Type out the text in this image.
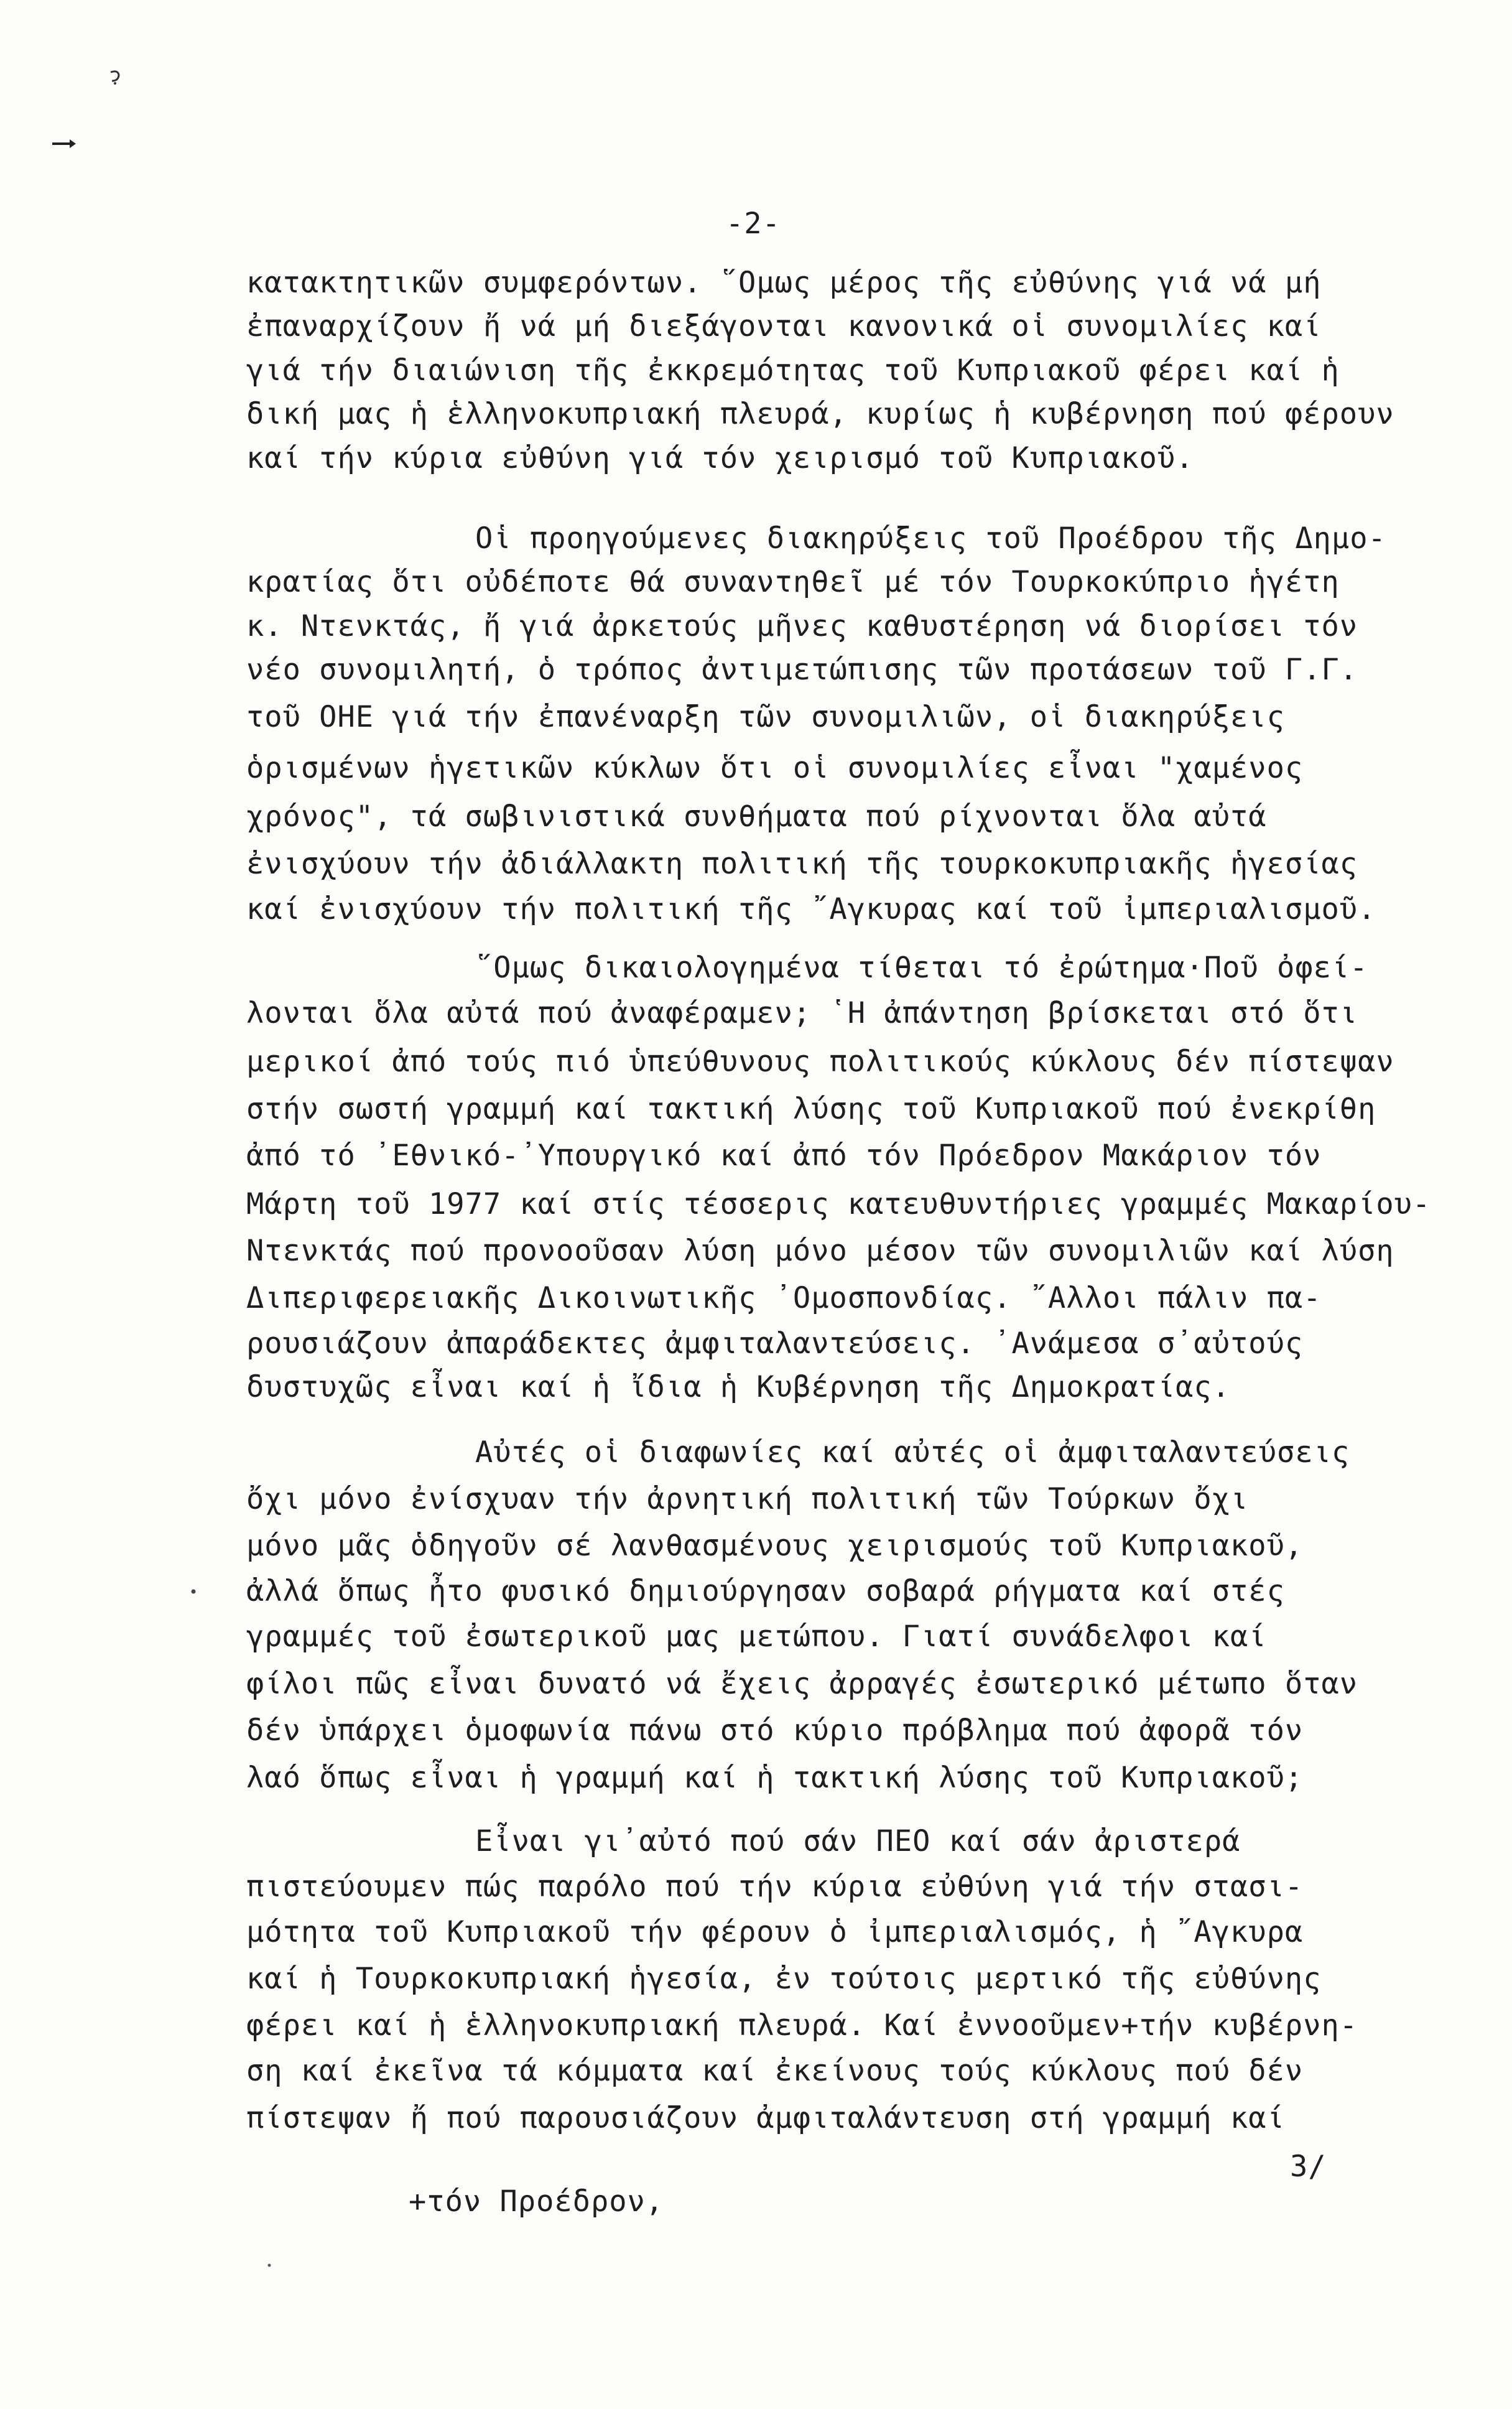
-2-
κατακτητικῶν συμφερόντων. ῞Ομως μέρος τῆς εὐθύνης γιά νά μή
ἐπαναρχίζουν ἤ νά μή διεξάγονται κανονικά οἱ συνομιλίες καί
γιά τήν διαιώνιση τῆς ἐκκρεμότητας τοῦ Κυπριακοῦ φέρει καί ἡ
δική μας ἡ ἑλληνοκυπριακή πλευρά, κυρίως ἡ κυβέρνηση πού φέρουν
καί τήν κύρια εὐθύνη γιά τόν χειρισμό τοῦ Κυπριακοῦ.
Οἱ προηγούμενες διακηρύξεις τοῦ Προέδρου τῆς Δημο-
κρατίας ὅτι οὐδέποτε θά συναντηθεῖ μέ τόν Τουρκοκύπριο ἡγέτη
κ. Ντενκτάς, ἤ γιά ἀρκετούς μῆνες καθυστέρηση νά διορίσει τόν
νέο συνομιλητή, ὁ τρόπος ἀντιμετώπισης τῶν προτάσεων τοῦ Γ.Γ.
τοῦ ΟΗΕ γιά τήν ἐπανέναρξη τῶν συνομιλιῶν, οἱ διακηρύξεις
ὁρισμένων ἡγετικῶν κύκλων ὅτι οἱ συνομιλίες εἶναι "χαμένος
χρόνος", τά σωβινιστικά συνθήματα πού ρίχνονται ὅλα αὐτά
ἐνισχύουν τήν ἀδιάλλακτη πολιτική τῆς τουρκοκυπριακῆς ἡγεσίας
καί ἐνισχύουν τήν πολιτική τῆς ῎Αγκυρας καί τοῦ ἰμπεριαλισμοῦ.
῞Ομως δικαιολογημένα τίθεται τό ἐρώτημα·Ποῦ ὀφεί-
λονται ὅλα αὐτά πού ἀναφέραμεν; ῾Η ἀπάντηση βρίσκεται στό ὅτι
μερικοί ἀπό τούς πιό ὑπεύθυνους πολιτικούς κύκλους δέν πίστεψαν
στήν σωστή γραμμή καί τακτική λύσης τοῦ Κυπριακοῦ πού ἐνεκρίθη
ἀπό τό ᾽Εθνικό-᾽Υπουργικό καί ἀπό τόν Πρόεδρον Μακάριον τόν
Μάρτη τοῦ 1977 καί στίς τέσσερις κατευθυντήριες γραμμές Μακαρίου-
Ντενκτάς πού προνοοῦσαν λύση μόνο μέσον τῶν συνομιλιῶν καί λύση
Διπεριφερειακῆς Δικοινωτικῆς ᾽Ομοσπονδίας. ῎Αλλοι πάλιν πα-
ρουσιάζουν ἀπαράδεκτες ἀμφιταλαντεύσεις. ᾽Ανάμεσα σ᾽αὐτούς
δυστυχῶς εἶναι καί ἡ ἴδια ἡ Κυβέρνηση τῆς Δημοκρατίας.
Αὐτές οἱ διαφωνίες καί αὐτές οἱ ἀμφιταλαντεύσεις
ὄχι μόνο ἐνίσχυαν τήν ἀρνητική πολιτική τῶν Τούρκων ὄχι
μόνο μᾶς ὁδηγοῦν σέ λανθασμένους χειρισμούς τοῦ Κυπριακοῦ,
ἀλλά ὅπως ἦτο φυσικό δημιούργησαν σοβαρά ρήγματα καί στές
γραμμές τοῦ ἐσωτερικοῦ μας μετώπου. Γιατί συνάδελφοι καί
φίλοι πῶς εἶναι δυνατό νά ἔχεις ἀρραγές ἐσωτερικό μέτωπο ὅταν
δέν ὑπάρχει ὁμοφωνία πάνω στό κύριο πρόβλημα πού ἀφορᾶ τόν
λαό ὅπως εἶναι ἡ γραμμή καί ἡ τακτική λύσης τοῦ Κυπριακοῦ;
Εἶναι γι᾽αὐτό πού σάν ΠΕΟ καί σάν ἀριστερά
πιστεύουμεν πώς παρόλο πού τήν κύρια εὐθύνη γιά τήν στασι-
μότητα τοῦ Κυπριακοῦ τήν φέρουν ὁ ἰμπεριαλισμός, ἡ ῎Αγκυρα
καί ἡ Τουρκοκυπριακή ἡγεσία, ἐν τούτοις μερτικό τῆς εὐθύνης
φέρει καί ἡ ἑλληνοκυπριακή πλευρά. Καί ἐννοοῦμεν+τήν κυβέρνη-
ση καί ἐκεῖνα τά κόμματα καί ἐκείνους τούς κύκλους πού δέν
πίστεψαν ἤ πού παρουσιάζουν ἀμφιταλάντευση στή γραμμή καί
3/
+τόν Προέδρον,
